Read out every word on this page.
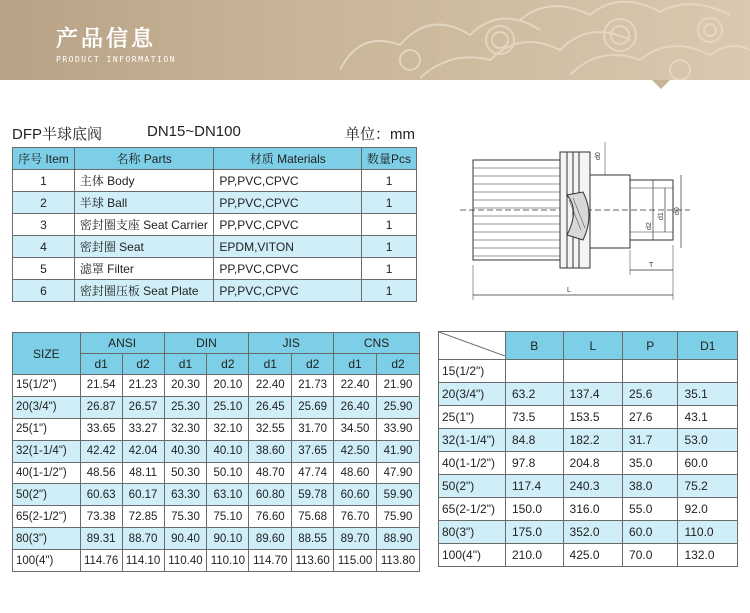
产品信息
PRODUCT INFORMATION
DFP半球底阀	DN15~DN100	单位：mm
序号 Item	名称 Parts	材质 Materials	数量Pcs
1	主体 Body	PP,PVC,CPVC	1
2	半球 Ball	PP,PVC,CPVC	1
3	密封圈支座 Seat Carrier	PP,PVC,CPVC	1
4	密封圈 Seat	EPDM,VITON	1
5	滤罩 Filter	PP,PVC,CPVC	1
6	密封圈压板 Seat Plate	PP,PVC,CPVC	1
d0
d2
d1
d0
T
L
SIZE	ANSI		DIN		JIS		CNS	
	d1	d2	d1	d2	d1	d2	d1	d2
15(1/2")	21.54	21.23	20.30	20.10	22.40	21.73	22.40	21.90
20(3/4")	26.87	26.57	25.30	25.10	26.45	25.69	26.40	25.90
25(1")	33.65	33.27	32.30	32.10	32.55	31.70	34.50	33.90
32(1-1/4")	42.42	42.04	40.30	40.10	38.60	37.65	42.50	41.90
40(1-1/2")	48.56	48.11	50.30	50.10	48.70	47.74	48.60	47.90
50(2")	60.63	60.17	63.30	63.10	60.80	59.78	60.60	59.90
65(2-1/2")	73.38	72.85	75.30	75.10	76.60	75.68	76.70	75.90
80(3")	89.31	88.70	90.40	90.10	89.60	88.55	89.70	88.90
100(4")	114.76	114.10	110.40	110.10	114.70	113.60	115.00	113.80
	B	L	P	D1
15(1/2")				
20(3/4")	63.2	137.4	25.6	35.1
25(1")	73.5	153.5	27.6	43.1
32(1-1/4")	84.8	182.2	31.7	53.0
40(1-1/2")	97.8	204.8	35.0	60.0
50(2")	117.4	240.3	38.0	75.2
65(2-1/2")	150.0	316.0	55.0	92.0
80(3")	175.0	352.0	60.0	110.0
100(4")	210.0	425.0	70.0	132.0
